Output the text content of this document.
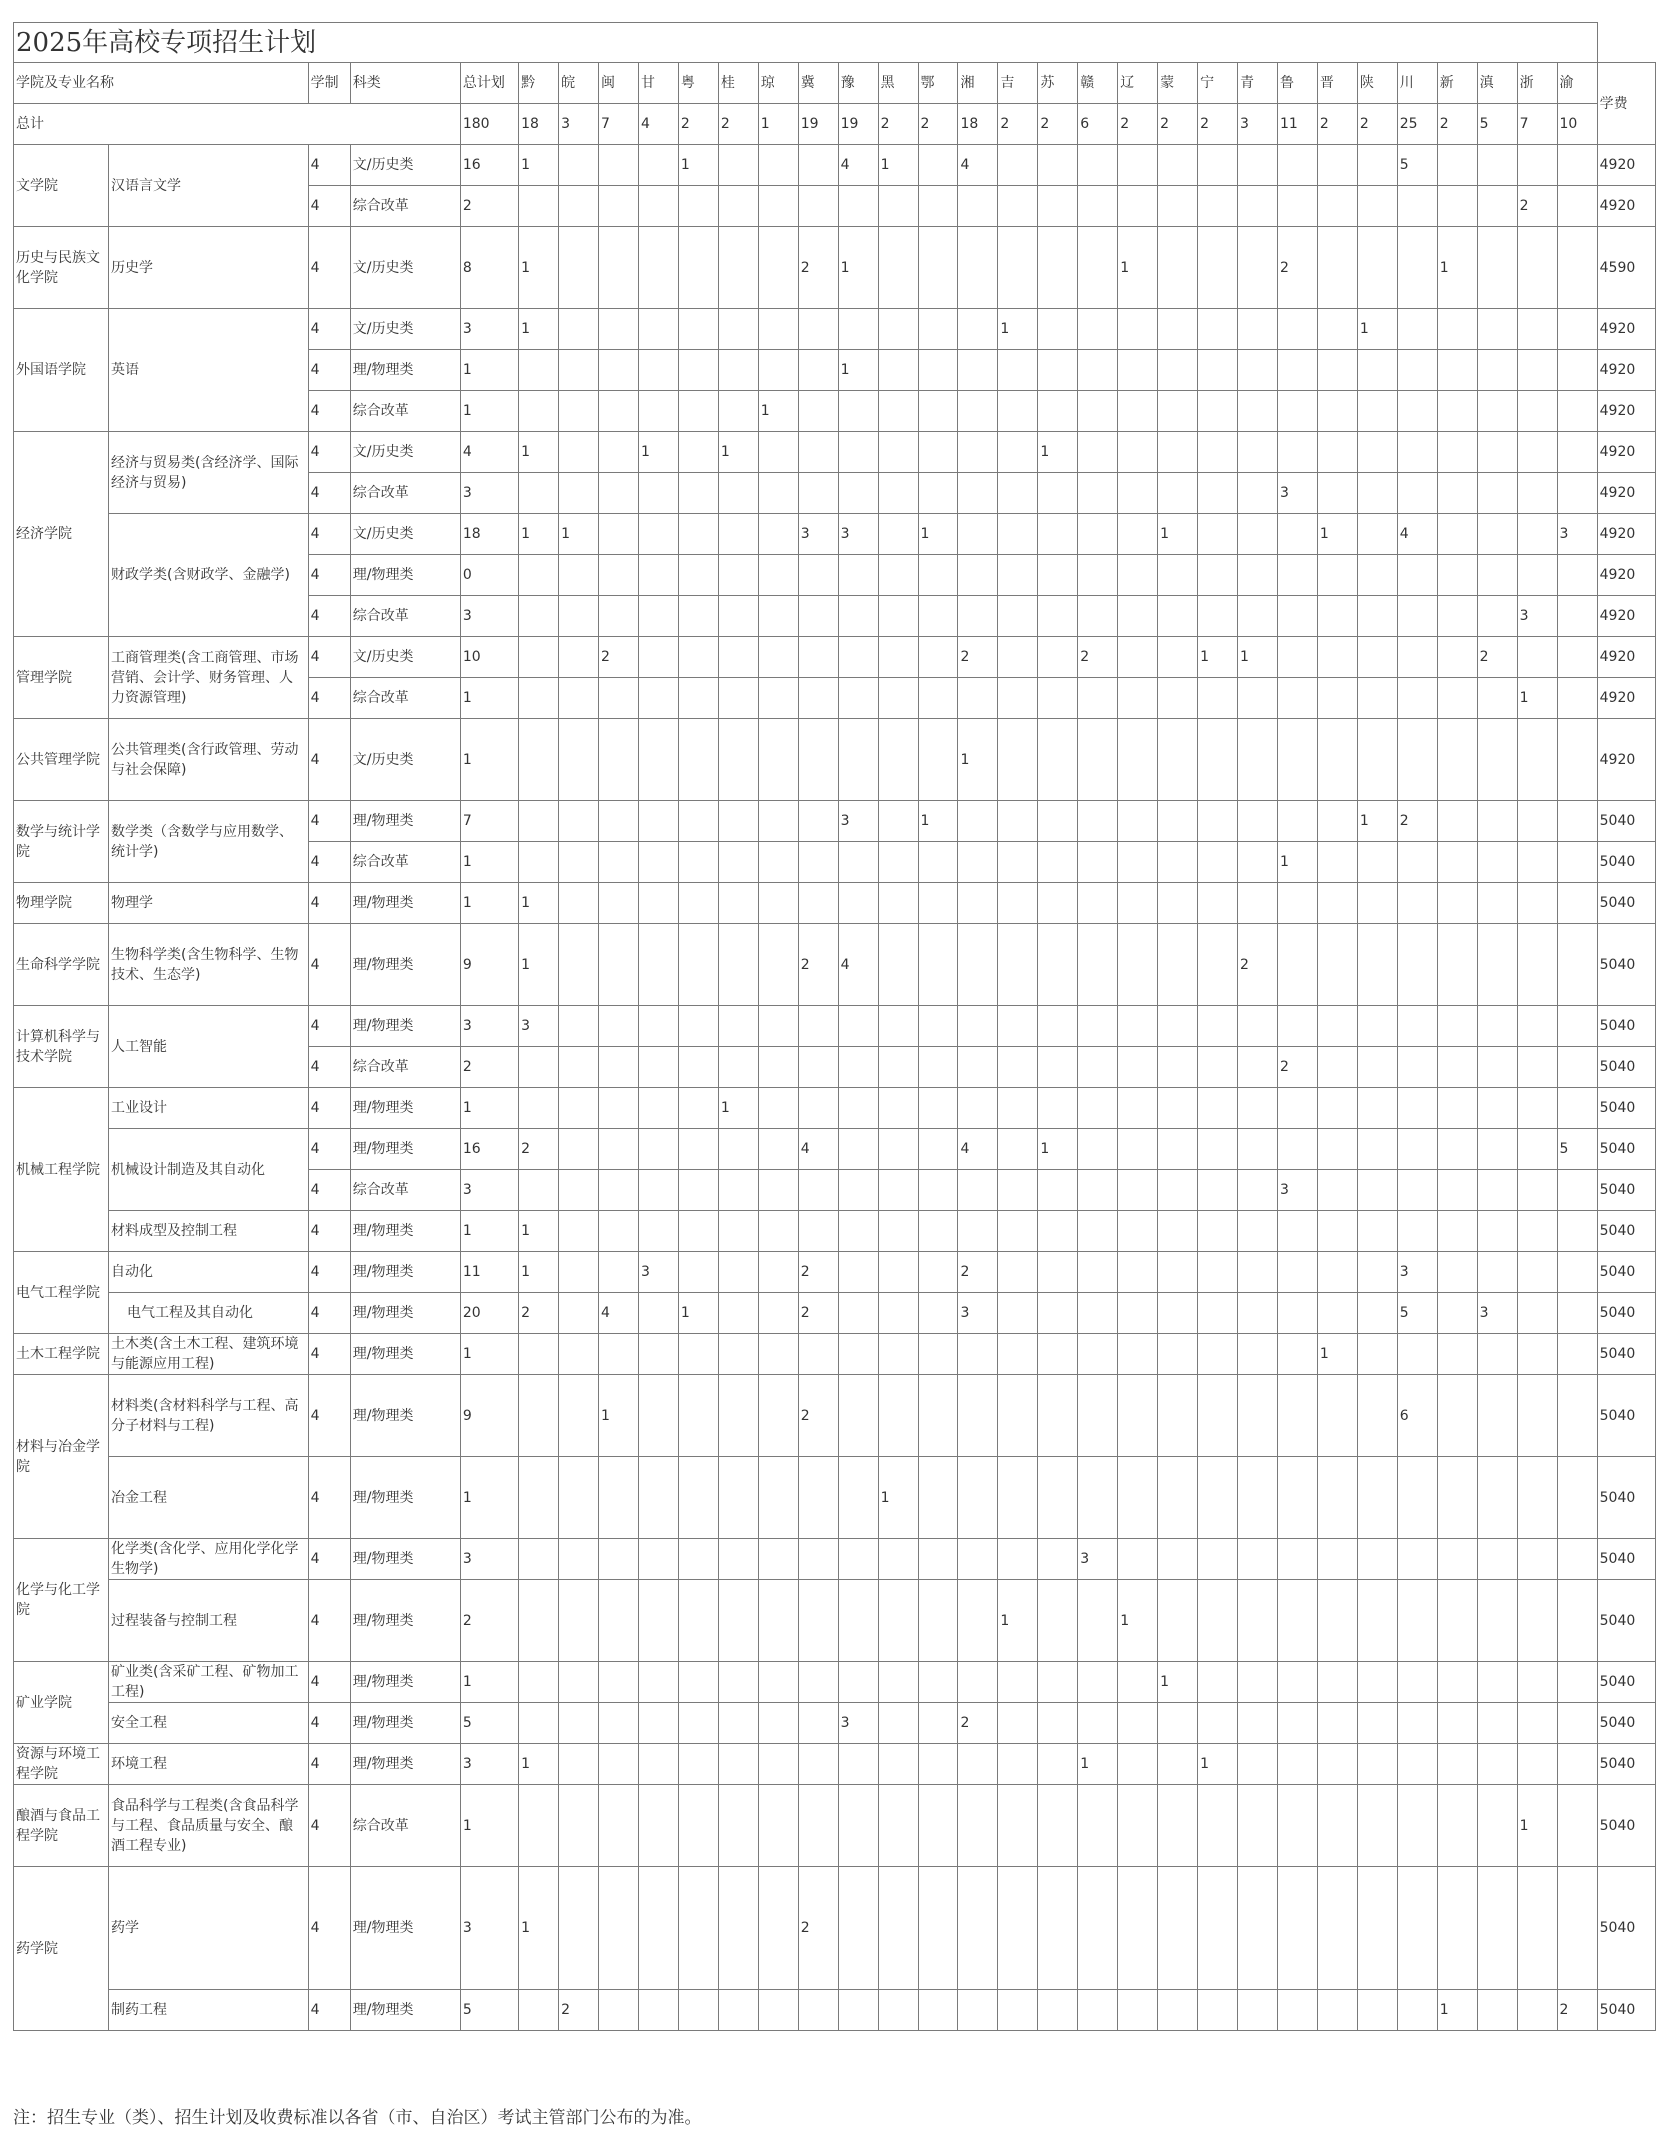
2025年高校专项招生计划																																
学院及专业名称		学制	科类	总计划	黔	皖	闽	甘	粤	桂	琼	冀	豫	黑	鄂	湘	吉	苏	赣	辽	蒙	宁	青	鲁	晋	陕	川	新	滇	浙	渝	学费
总计				180	18	3	7	4	2	2	1	19	19	2	2	18	2	2	6	2	2	2	3	11	2	2	25	2	5	7	10	
文学院	汉语言文学	4	文/历史类	16	1				1				4	1		4											5					4920
		4	综合改革	2																										2		4920
历史与民族文化学院	历史学	4	文/历史类	8	1							2	1							1				2				1				4590
外国语学院	英语	4	文/历史类	3	1												1									1						4920
		4	理/物理类	1									1																			4920
		4	综合改革	1							1																					4920
经济学院	经济与贸易类(含经济学、国际经济与贸易)	4	文/历史类	4	1			1		1								1														4920
		4	综合改革	3																				3								4920
	财政学类(含财政学、金融学)	4	文/历史类	18	1	1						3	3		1						1				1		4				3	4920
		4	理/物理类	0																												4920
		4	综合改革	3																										3		4920
管理学院	工商管理类(含工商管理、市场营销、会计学、财务管理、人力资源管理)	4	文/历史类	10			2									2			2			1	1						2			4920
		4	综合改革	1																										1		4920
公共管理学院	公共管理类(含行政管理、劳动与社会保障)	4	文/历史类	1												1																4920
数学与统计学院	数学类（含数学与应用数学、统计学)	4	理/物理类	7									3		1											1	2					5040
		4	综合改革	1																				1								5040
物理学院	物理学	4	理/物理类	1	1																											5040
生命科学学院	生物科学类(含生物科学、生物技术、生态学)	4	理/物理类	9	1							2	4										2									5040
计算机科学与技术学院	人工智能	4	理/物理类	3	3																											5040
		4	综合改革	2																				2								5040
机械工程学院	工业设计	4	理/物理类	1						1																						5040
	机械设计制造及其自动化	4	理/物理类	16	2							4				4		1													5	5040
		4	综合改革	3																				3								5040
	材料成型及控制工程	4	理/物理类	1	1																											5040
电气工程学院	自动化	4	理/物理类	11	1			3				2				2											3					5040
	电气工程及其自动化	4	理/物理类	20	2		4		1			2				3											5		3			5040
土木工程学院	土木类(含土木工程、建筑环境与能源应用工程)	4	理/物理类	1																					1							5040
材料与冶金学院	材料类(含材料科学与工程、高分子材料与工程)	4	理/物理类	9			1					2															6					5040
	冶金工程	4	理/物理类	1										1																		5040
化学与化工学院	化学类(含化学、应用化学化学生物学)	4	理/物理类	3															3													5040
	过程装备与控制工程	4	理/物理类	2													1			1												5040
矿业学院	矿业类(含采矿工程、矿物加工工程)	4	理/物理类	1																	1											5040
	安全工程	4	理/物理类	5									3			2																5040
资源与环境工程学院	环境工程	4	理/物理类	3	1														1			1										5040
酿酒与食品工程学院	食品科学与工程类(含食品科学与工程、食品质量与安全、酿酒工程专业)	4	综合改革	1																										1		5040
药学院	药学	4	理/物理类	3	1							2																				5040
	制药工程	4	理/物理类	5		2																						1			2	5040
注：招生专业（类）、招生计划及收费标准以各省（市、自治区）考试主管部门公布的为准。
